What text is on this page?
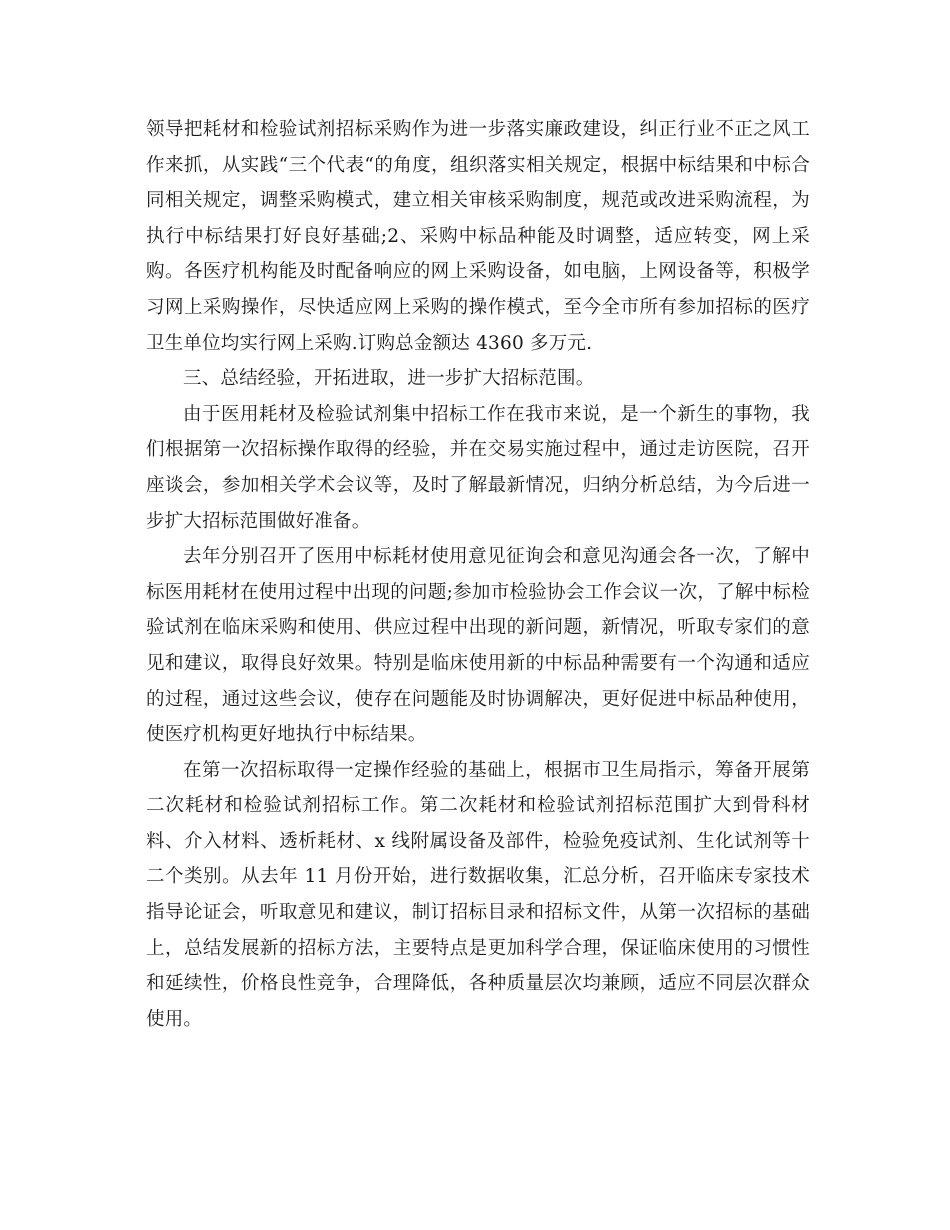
领导把耗材和检验试剂招标采购作为进一步落实廉政建设，纠正行业不正之风工作来抓，从实践“三个代表“的角度，组织落实相关规定，根据中标结果和中标合同相关规定，调整采购模式，建立相关审核采购制度，规范或改进采购流程，为执行中标结果打好良好基础;2、采购中标品种能及时调整，适应转变，网上采购。各医疗机构能及时配备响应的网上采购设备，如电脑，上网设备等，积极学习网上采购操作，尽快适应网上采购的操作模式，至今全市所有参加招标的医疗卫生单位均实行网上采购.订购总金额达 4360 多万元.

三、总结经验，开拓进取，进一步扩大招标范围。

由于医用耗材及检验试剂集中招标工作在我市来说，是一个新生的事物，我们根据第一次招标操作取得的经验，并在交易实施过程中，通过走访医院，召开座谈会，参加相关学术会议等，及时了解最新情况，归纳分析总结，为今后进一步扩大招标范围做好准备。

去年分别召开了医用中标耗材使用意见征询会和意见沟通会各一次，了解中标医用耗材在使用过程中出现的问题;参加市检验协会工作会议一次，了解中标检验试剂在临床采购和使用、供应过程中出现的新问题，新情况，听取专家们的意见和建议，取得良好效果。特别是临床使用新的中标品种需要有一个沟通和适应的过程，通过这些会议，使存在问题能及时协调解决，更好促进中标品种使用，使医疗机构更好地执行中标结果。

在第一次招标取得一定操作经验的基础上，根据市卫生局指示，筹备开展第二次耗材和检验试剂招标工作。第二次耗材和检验试剂招标范围扩大到骨科材料、介入材料、透析耗材、x 线附属设备及部件，检验免疫试剂、生化试剂等十二个类别。从去年 11 月份开始，进行数据收集，汇总分析，召开临床专家技术指导论证会，听取意见和建议，制订招标目录和招标文件，从第一次招标的基础上，总结发展新的招标方法，主要特点是更加科学合理，保证临床使用的习惯性和延续性，价格良性竞争，合理降低，各种质量层次均兼顾，适应不同层次群众使用。
